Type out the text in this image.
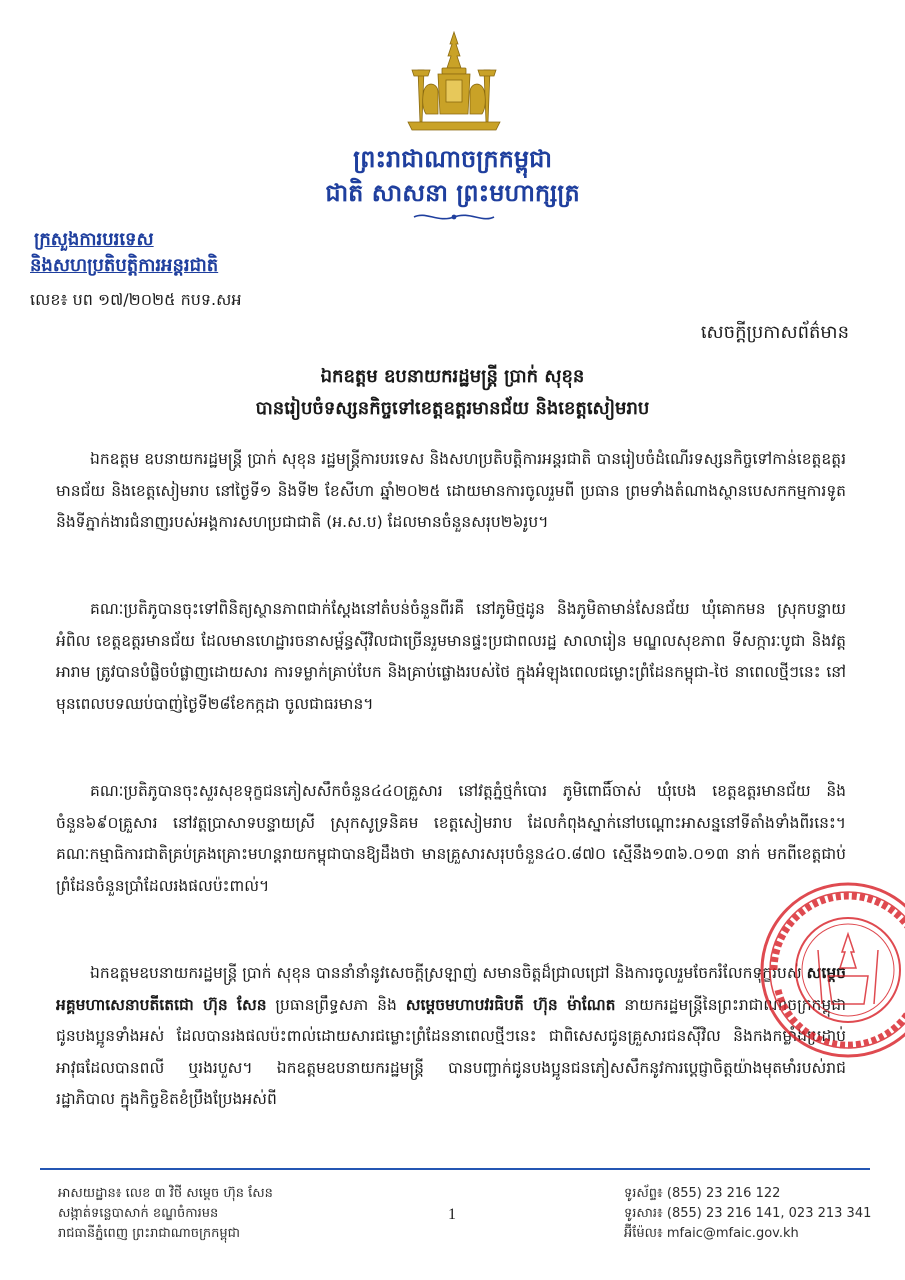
ព្រះរាជាណាចក្រកម្ពុជា
ជាតិ សាសនា ព្រះមហាក្សត្រ
ក្រសួងការបរទេស
និងសហប្រតិបត្តិការអន្តរជាតិ
លេខ៖ បព ១៧/២០២៥ កបទ.សអ
សេចក្តីប្រកាសព័ត៌មាន
ឯកឧត្តម ឧបនាយករដ្ឋមន្ត្រី ប្រាក់ សុខុន
បានរៀបចំទស្សនកិច្ចទៅខេត្តឧត្តរមានជ័យ និងខេត្តសៀមរាប

ឯកឧត្តម ឧបនាយករដ្ឋមន្ត្រី ប្រាក់ សុខុន រដ្ឋមន្ត្រីការបរទេស និងសហប្រតិបត្តិការអន្តរជាតិ បានរៀបចំដំណើរទស្សនកិច្ចទៅកាន់ខេត្តឧត្តរមានជ័យ និងខេត្តសៀមរាប នៅថ្ងៃទី១ និងទី២ ខែសីហា ឆ្នាំ២០២៥ ដោយមានការចូលរួមពី ប្រធាន ព្រមទាំងតំណាងស្ថានបេសកកម្មការទូត និងទីភ្នាក់ងារជំនាញរបស់អង្គការសហប្រជាជាតិ (អ.ស.ប) ដែលមានចំនួនសរុប២៦រូប។

គណៈប្រតិភូបានចុះទៅពិនិត្យស្ថានភាពជាក់ស្តែងនៅតំបន់ចំនួនពីរគឺ នៅភូមិថ្មដូន និងភូមិតាមាន់សែនជ័យ ឃុំគោកមន ស្រុកបន្ទាយអំពិល ខេត្តឧត្តរមានជ័យ ដែលមានហេដ្ឋារចនាសម្ព័ន្ធស៊ីវិលជាច្រើនរួមមានផ្ទះប្រជាពលរដ្ឋ សាលារៀន មណ្ឌលសុខភាព ទីសក្ការៈបូជា និងវត្តអារាម ត្រូវបានបំផ្លិចបំផ្លាញដោយសារ ការទម្លាក់គ្រាប់បែក និងគ្រាប់ផ្លោងរបស់ថៃ ក្នុងអំឡុងពេលជម្លោះព្រំដែនកម្ពុជា-ថៃ នាពេលថ្មីៗនេះ នៅមុនពេលបទឈប់បាញ់ថ្ងៃទី២៨ខែកក្កដា ចូលជាធរមាន។

គណៈប្រតិភូបានចុះសួរសុខទុក្ខជនភៀសសឹកចំនួន៤៤០គ្រួសារ នៅវត្តភ្នំថ្មកំបោរ ភូមិពោធិ៍ចាស់ ឃុំបេង ខេត្តឧត្តរមានជ័យ និងចំនួន៦៩០គ្រួសារ នៅវត្តប្រាសាទបន្ទាយស្រី ស្រុកសូទ្រនិគម ខេត្តសៀមរាប ដែលកំពុងស្នាក់នៅបណ្តោះអាសន្ននៅទីតាំងទាំងពីរនេះ។ គណៈកម្មាធិការជាតិគ្រប់គ្រងគ្រោះមហន្តរាយកម្ពុជាបានឱ្យដឹងថា មានគ្រួសារសរុបចំនួន៤០.៨៧០ ស្មើនឹង១៣៦.០១៣ នាក់ មកពីខេត្តជាប់ព្រំដែនចំនួនប្រាំដែលរងផលប៉ះពាល់។

ឯកឧត្តមឧបនាយករដ្ឋមន្ត្រី ប្រាក់ សុខុន បាននាំនាំនូវសេចក្តីស្រឡាញ់ សមានចិត្តដ៏ជ្រាលជ្រៅ និងការចូលរួមចែករំលែកទុក្ខរបស់ សម្តេចអគ្គមហាសេនាបតីតេជោ ហ៊ុន សែន ប្រធានព្រឹទ្ធសភា និង សម្តេចមហាបវរធិបតី ហ៊ុន ម៉ាណែត នាយករដ្ឋមន្ត្រីនៃព្រះរាជាណាចក្រកម្ពុជា ជូនបងប្អូនទាំងអស់ ដែលបានរងផលប៉ះពាល់ដោយសារជម្លោះព្រំដែននាពេលថ្មីៗនេះ ជាពិសេសជូនគ្រួសារជនស៊ីវិល និងកងកម្លាំងប្រដាប់អាវុធដែលបានពលី ឬរងរបួស។ ឯកឧត្តមឧបនាយករដ្ឋមន្ត្រី បានបញ្ជាក់ជូនបងប្អូនជនភៀសសឹកនូវការប្តេជ្ញាចិត្តយ៉ាងមុតមាំរបស់រាជរដ្ឋាភិបាល ក្នុងកិច្ចខិតខំប្រឹងប្រែងអស់ពី

អាសយដ្ឋាន៖ លេខ ៣ វិថី សម្តេច ហ៊ុន សែន
សង្កាត់ទន្លេបាសាក់ ខណ្ឌចំការមន
រាជធានីភ្នំពេញ ព្រះរាជាណាចក្រកម្ពុជា
1
ទូរស័ព្ទ៖ (855) 23 216 122
ទូរសារ៖ (855) 23 216 141, 023 213 341
អ៊ីម៉ែល៖ mfaic@mfaic.gov.kh
